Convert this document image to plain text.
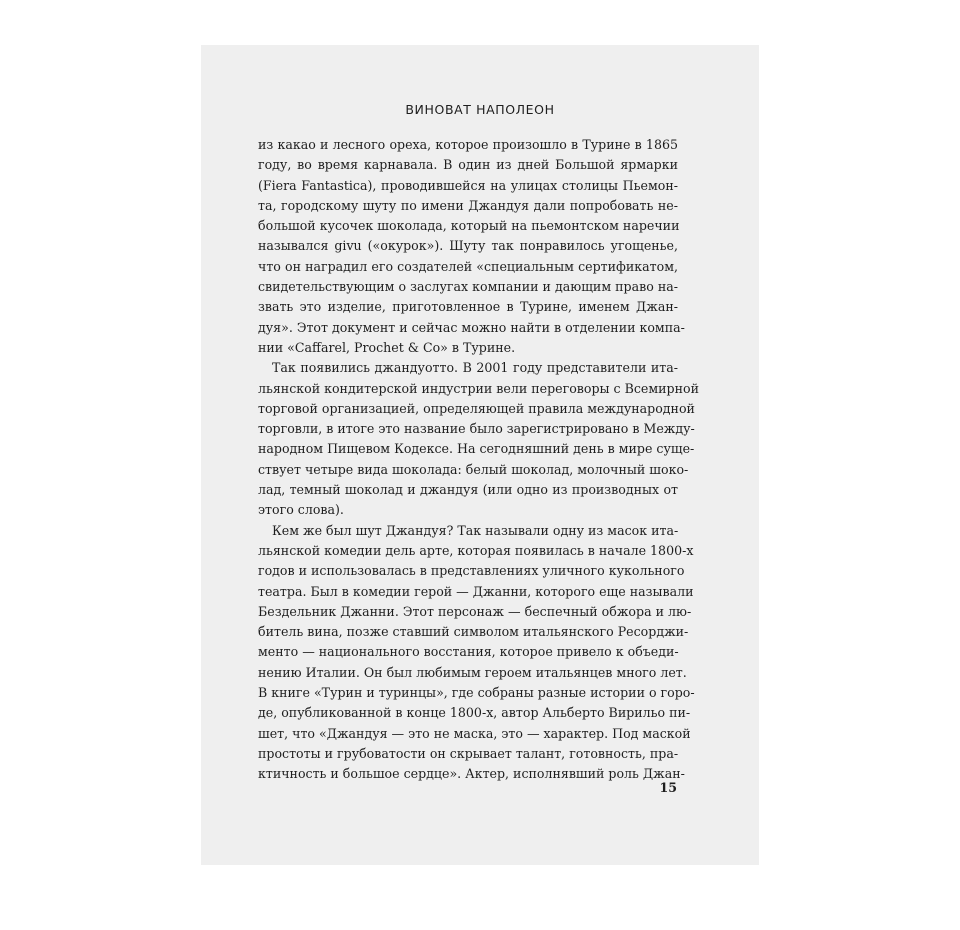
ВИНОВАТ НАПОЛЕОН
из какао и лесного ореха, которое произошло в Турине в 1865
году, во время карнавала. В один из дней Большой ярмарки
(Fiera Fantastica), проводившейся на улицах столицы Пьемон-
та, городскому шуту по имени Джандуя дали попробовать не-
большой кусочек шоколада, который на пьемонтском наречии
назывался givu («окурок»). Шуту так понравилось угощенье,
что он наградил его создателей «специальным сертификатом,
свидетельствующим о заслугах компании и дающим право на-
звать это изделие, приготовленное в Турине, именем Джан-
дуя». Этот документ и сейчас можно найти в отделении компа-
нии «Caffarel, Prochet & Co» в Турине.
Так появились джандуотто. В 2001 году представители ита-
льянской кондитерской индустрии вели переговоры с Всемирной
торговой организацией, определяющей правила международной
торговли, в итоге это название было зарегистрировано в Между-
народном Пищевом Кодексе. На сегодняшний день в мире суще-
ствует четыре вида шоколада: белый шоколад, молочный шоко-
лад, темный шоколад и джандуя (или одно из производных от
этого слова).
Кем же был шут Джандуя? Так называли одну из масок ита-
льянской комедии дель арте, которая появилась в начале 1800-х
годов и использовалась в представлениях уличного кукольного
театра. Был в комедии герой — Джанни, которого еще называли
Бездельник Джанни. Этот персонаж — беспечный обжора и лю-
битель вина, позже ставший символом итальянского Ресорджи-
менто — национального восстания, которое привело к объеди-
нению Италии. Он был любимым героем итальянцев много лет.
В книге «Турин и туринцы», где собраны разные истории о горо-
де, опубликованной в конце 1800-х, автор Альберто Вирильо пи-
шет, что «Джандуя — это не маска, это — характер. Под маской
простоты и грубоватости он скрывает талант, готовность, пра-
ктичность и большое сердце». Актер, исполнявший роль Джан-
15
